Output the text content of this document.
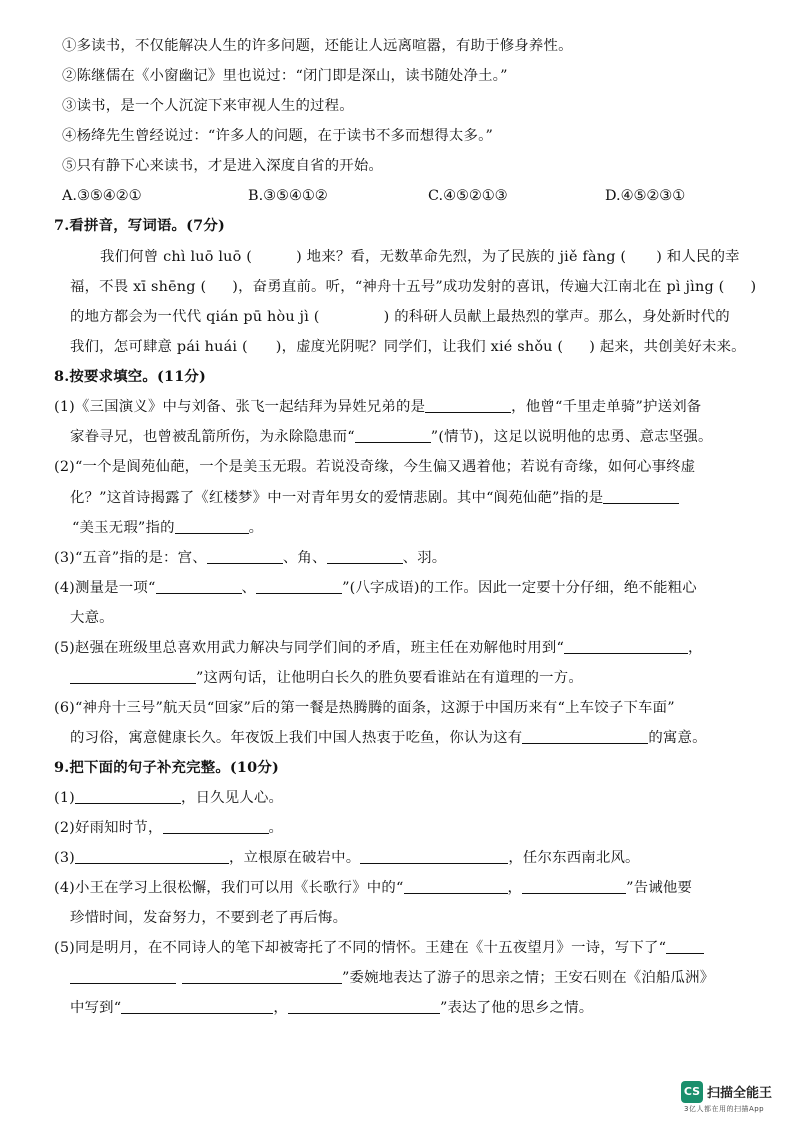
①多读书，不仅能解决人生的许多问题，还能让人远离喧嚣，有助于修身养性。
②陈继儒在《小窗幽记》里也说过：“闭门即是深山，读书随处净土。”
③读书，是一个人沉淀下来审视人生的过程。
④杨绛先生曾经说过：“许多人的问题，在于读书不多而想得太多。”
⑤只有静下心来读书，才是进入深度自省的开始。
A.③⑤④②①	B.③⑤④①②	C.④⑤②①③	D.④⑤②③①
7.看拼音，写词语。(7分)
我们何曾 chì luō luō (	) 地来？看，无数革命先烈，为了民族的 jiě fàng ( ) 和人民的幸
福，不畏 xī shēng ( )，奋勇直前。听，“神舟十五号”成功发射的喜讯，传遍大江南北在 pì jìng ( )
的地方都会为一代代 qián pū hòu jì (	) 的科研人员献上最热烈的掌声。那么，身处新时代的
我们，怎可肆意 pái huái ( )，虚度光阴呢？同学们，让我们 xié shǒu ( ) 起来，共创美好未来。
8.按要求填空。(11分)
(1)《三国演义》中与刘备、张飞一起结拜为异姓兄弟的是	，他曾“千里走单骑”护送刘备
家眷寻兄，也曾被乱箭所伤，为永除隐患而“	”(情节)，这足以说明他的忠勇、意志坚强。
(2)“一个是阆苑仙葩，一个是美玉无瑕。若说没奇缘，今生偏又遇着他；若说有奇缘，如何心事终虚
化？”这首诗揭露了《红楼梦》中一对青年男女的爱情悲剧。其中“阆苑仙葩”指的是
“美玉无瑕”指的	。
(3)“五音”指的是：宫、	、角、	、羽。
(4)测量是一项“	、	”(八字成语)的工作。因此一定要十分仔细，绝不能粗心
大意。
(5)赵强在班级里总喜欢用武力解决与同学们间的矛盾，班主任在劝解他时用到“	，
”这两句话，让他明白长久的胜负要看谁站在有道理的一方。
(6)“神舟十三号”航天员“回家”后的第一餐是热腾腾的面条，这源于中国历来有“上车饺子下车面”
的习俗，寓意健康长久。年夜饭上我们中国人热衷于吃鱼，你认为这有	的寓意。
9.把下面的句子补充完整。(10分)
(1)	，日久见人心。
(2)好雨知时节，	。
(3)	，立根原在破岩中。	，任尔东西南北风。
(4)小王在学习上很松懈，我们可以用《长歌行》中的“	，	”告诫他要
珍惜时间，发奋努力，不要到老了再后悔。
(5)同是明月，在不同诗人的笔下却被寄托了不同的情怀。王建在《十五夜望月》一诗，写下了“
”委婉地表达了游子的思亲之情；王安石则在《泊船瓜洲》
中写到“	，	”表达了他的思乡之情。
CS 扫描全能王
3亿人都在用的扫描App
